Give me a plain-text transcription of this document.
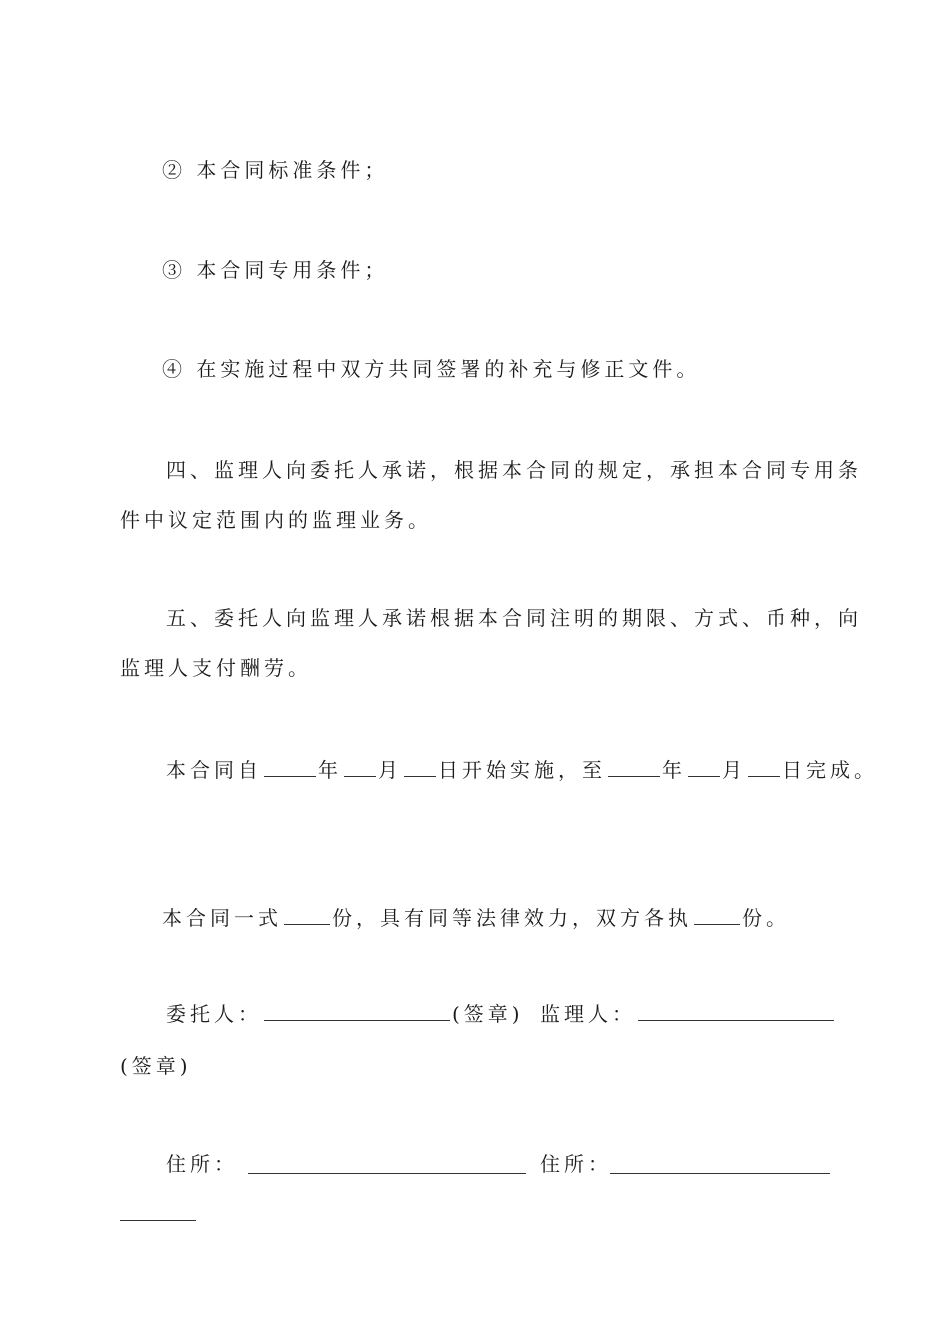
② 本合同标准条件；
③ 本合同专用条件；
④ 在实施过程中双方共同签署的补充与修正文件。
四、监理人向委托人承诺，根据本合同的规定，承担本合同专用条
件中议定范围内的监理业务。
五、委托人向监理人承诺根据本合同注明的期限、方式、币种，向
监理人支付酬劳。
本合同自	年 月 日开始实施，至	年 月 日完成。
本合同一式	份，具有同等法律效力，双方各执	份。
委托人：	(签章) 监理人：
(签章)
住所：	住所：
